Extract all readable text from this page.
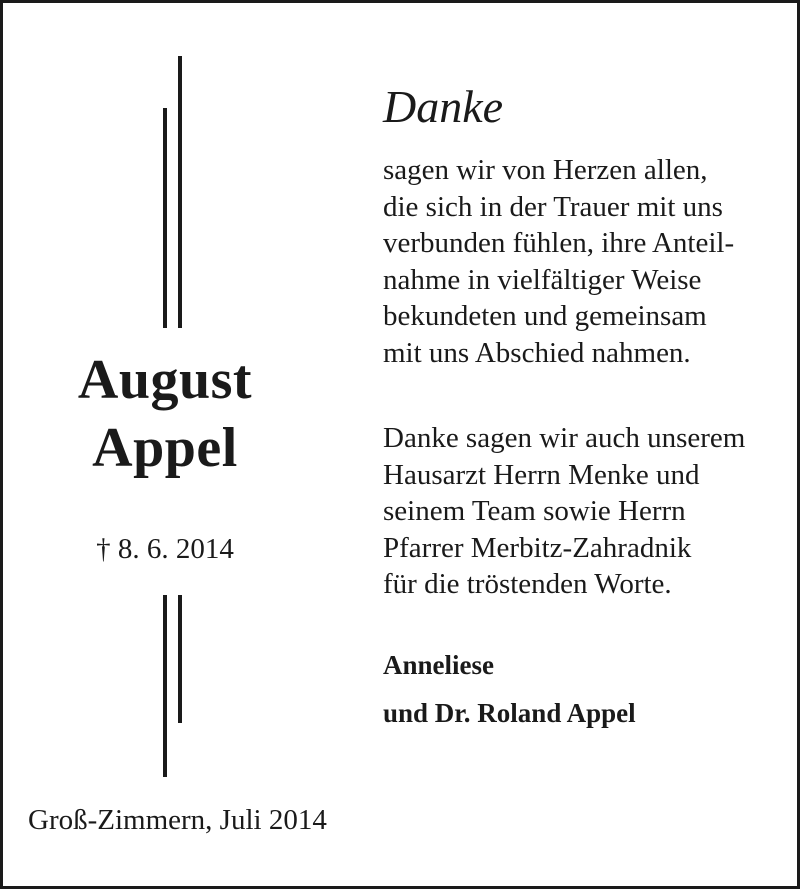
August
Appel
† 8. 6. 2014
Danke
sagen wir von Herzen allen,
die sich in der Trauer mit uns
verbunden fühlen, ihre Anteil-
nahme in vielfältiger Weise
bekundeten und gemeinsam
mit uns Abschied nahmen.
Danke sagen wir auch unserem
Hausarzt Herrn Menke und
seinem Team sowie Herrn
Pfarrer Merbitz-Zahradnik
für die tröstenden Worte.
Anneliese
und Dr. Roland Appel
Groß-Zimmern, Juli 2014
